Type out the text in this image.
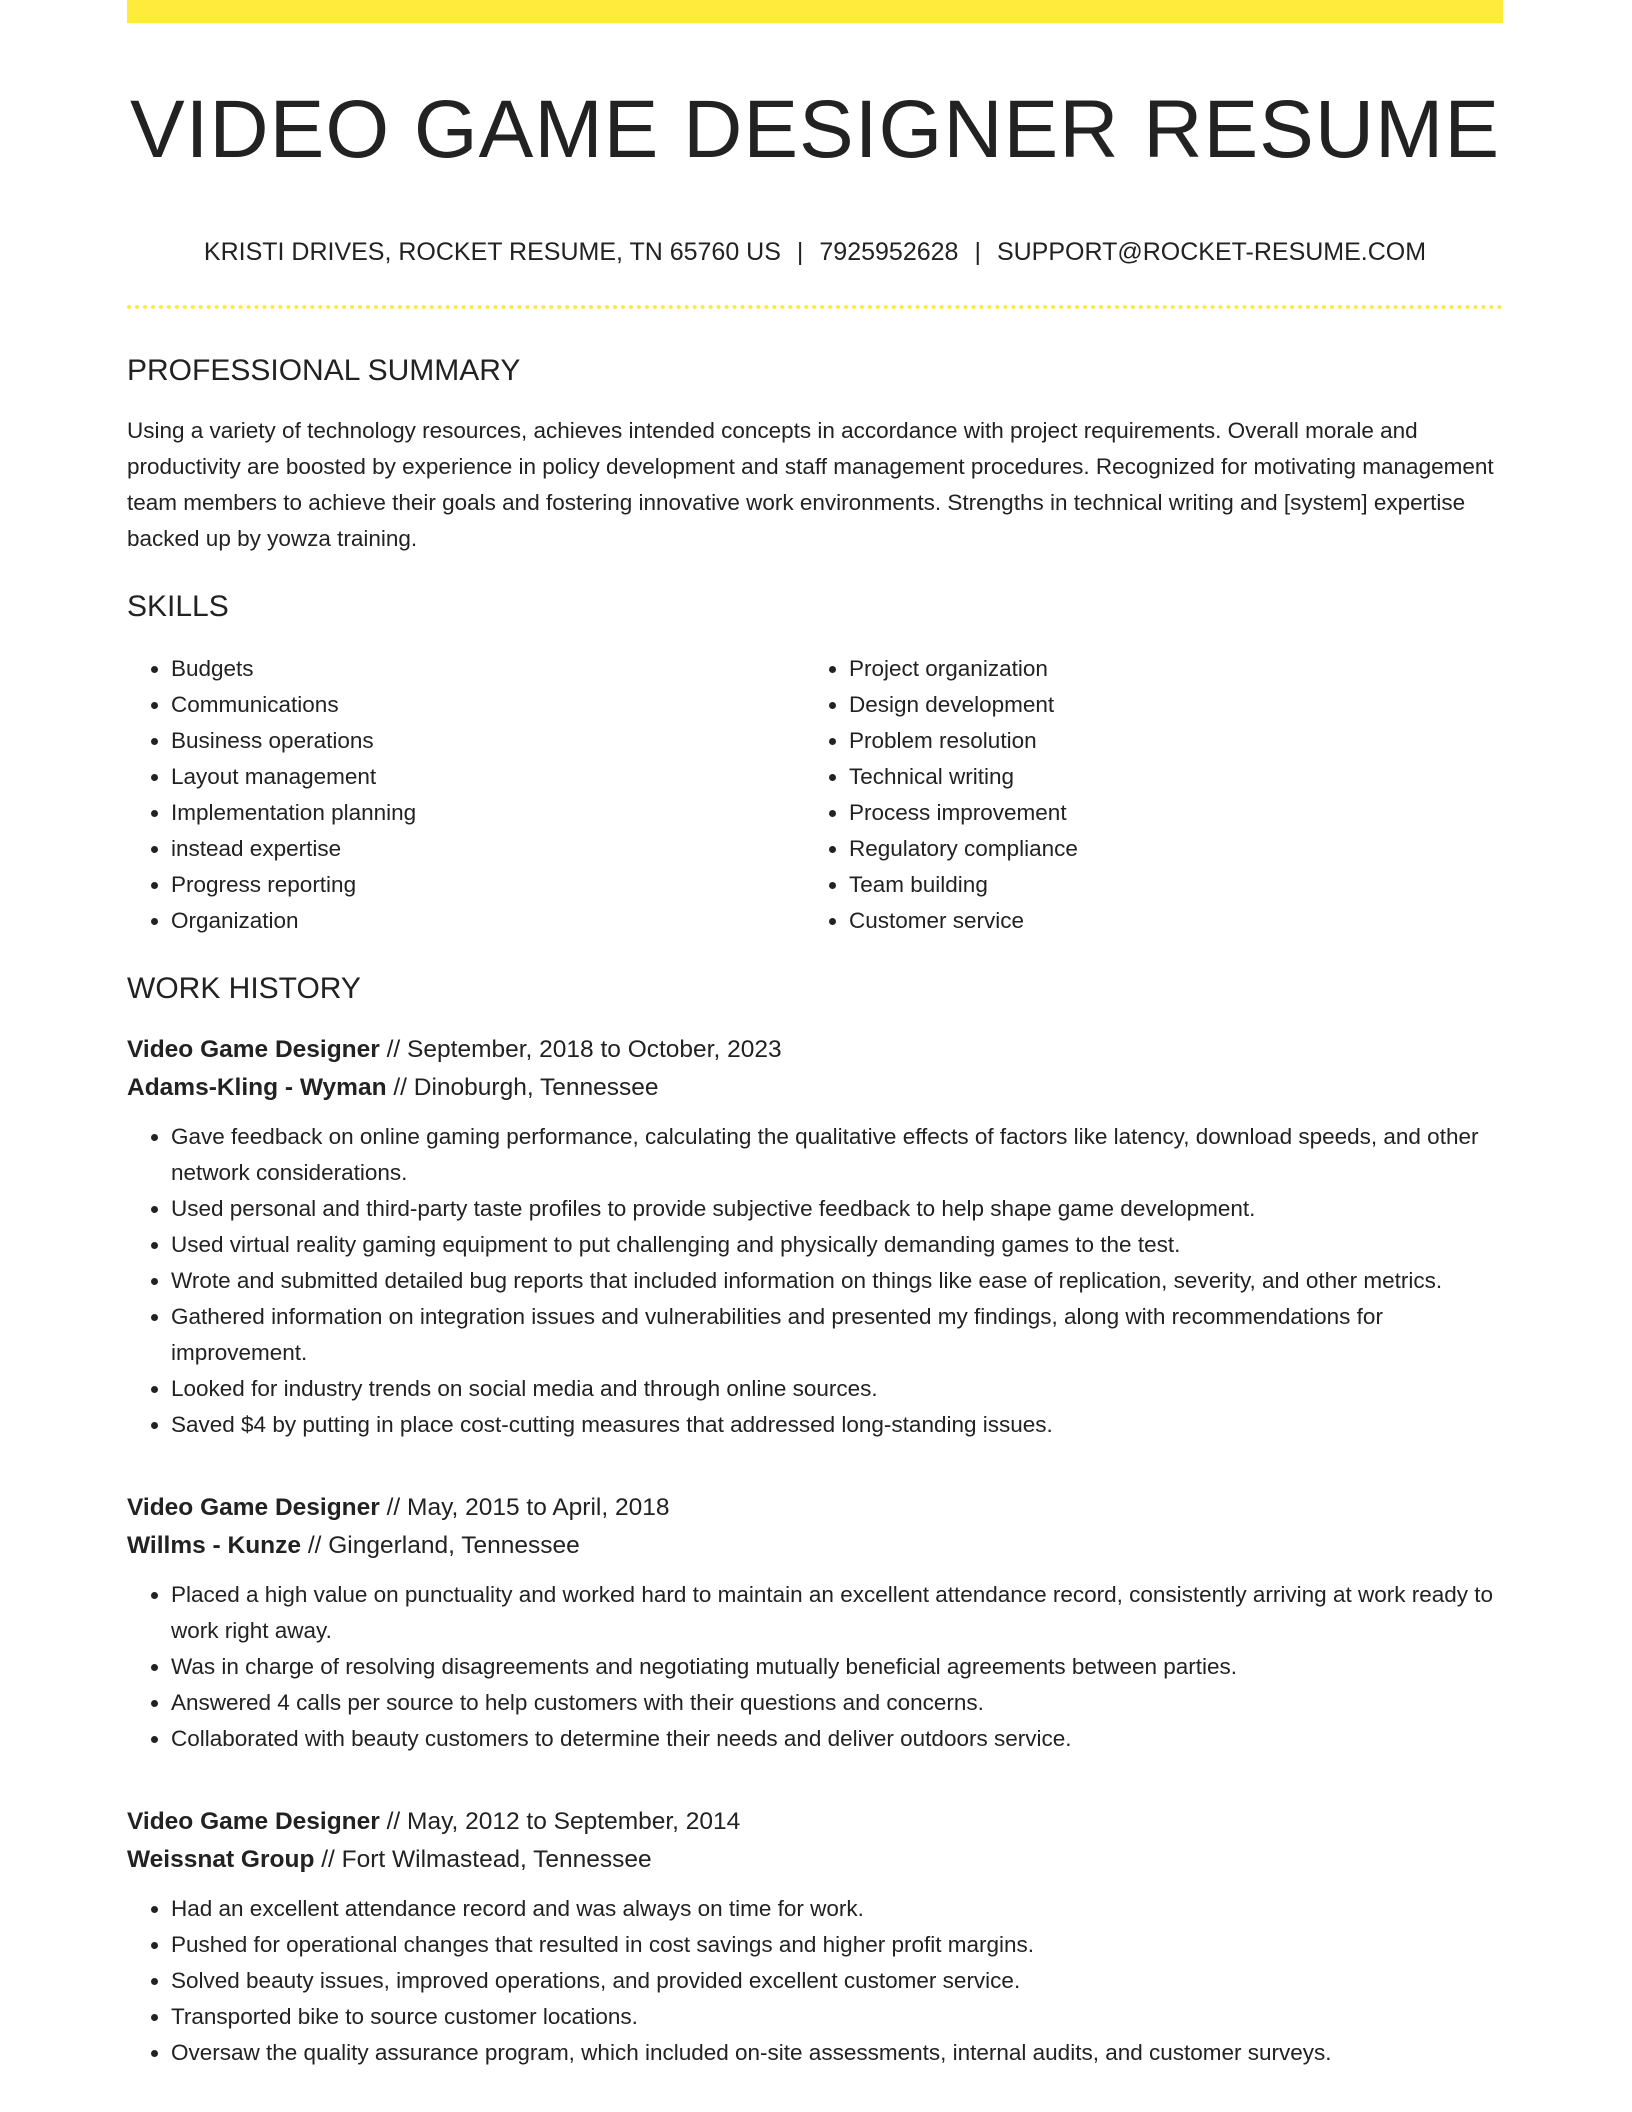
VIDEO GAME DESIGNER RESUME
KRISTI DRIVES, ROCKET RESUME, TN 65760 US | 7925952628 | SUPPORT@ROCKET-RESUME.COM
PROFESSIONAL SUMMARY

Using a variety of technology resources, achieves intended concepts in accordance with project requirements. Overall morale and productivity are boosted by experience in policy development and staff management procedures. Recognized for motivating management team members to achieve their goals and fostering innovative work environments. Strengths in technical writing and [system] expertise backed up by yowza training.

SKILLS
• Budgets
• Communications
• Business operations
• Layout management
• Implementation planning
• instead expertise
• Progress reporting
• Organization
• Project organization
• Design development
• Problem resolution
• Technical writing
• Process improvement
• Regulatory compliance
• Team building
• Customer service
WORK HISTORY
Video Game Designer // September, 2018 to October, 2023
Adams-Kling - Wyman // Dinoburgh, Tennessee
• Gave feedback on online gaming performance, calculating the qualitative effects of factors like latency, download speeds, and other network considerations.
• Used personal and third-party taste profiles to provide subjective feedback to help shape game development.
• Used virtual reality gaming equipment to put challenging and physically demanding games to the test.
• Wrote and submitted detailed bug reports that included information on things like ease of replication, severity, and other metrics.
• Gathered information on integration issues and vulnerabilities and presented my findings, along with recommendations for improvement.
• Looked for industry trends on social media and through online sources.
• Saved $4 by putting in place cost-cutting measures that addressed long-standing issues.
Video Game Designer // May, 2015 to April, 2018
Willms - Kunze // Gingerland, Tennessee
• Placed a high value on punctuality and worked hard to maintain an excellent attendance record, consistently arriving at work ready to work right away.
• Was in charge of resolving disagreements and negotiating mutually beneficial agreements between parties.
• Answered 4 calls per source to help customers with their questions and concerns.
• Collaborated with beauty customers to determine their needs and deliver outdoors service.
Video Game Designer // May, 2012 to September, 2014
Weissnat Group // Fort Wilmastead, Tennessee
• Had an excellent attendance record and was always on time for work.
• Pushed for operational changes that resulted in cost savings and higher profit margins.
• Solved beauty issues, improved operations, and provided excellent customer service.
• Transported bike to source customer locations.
• Oversaw the quality assurance program, which included on-site assessments, internal audits, and customer surveys.
